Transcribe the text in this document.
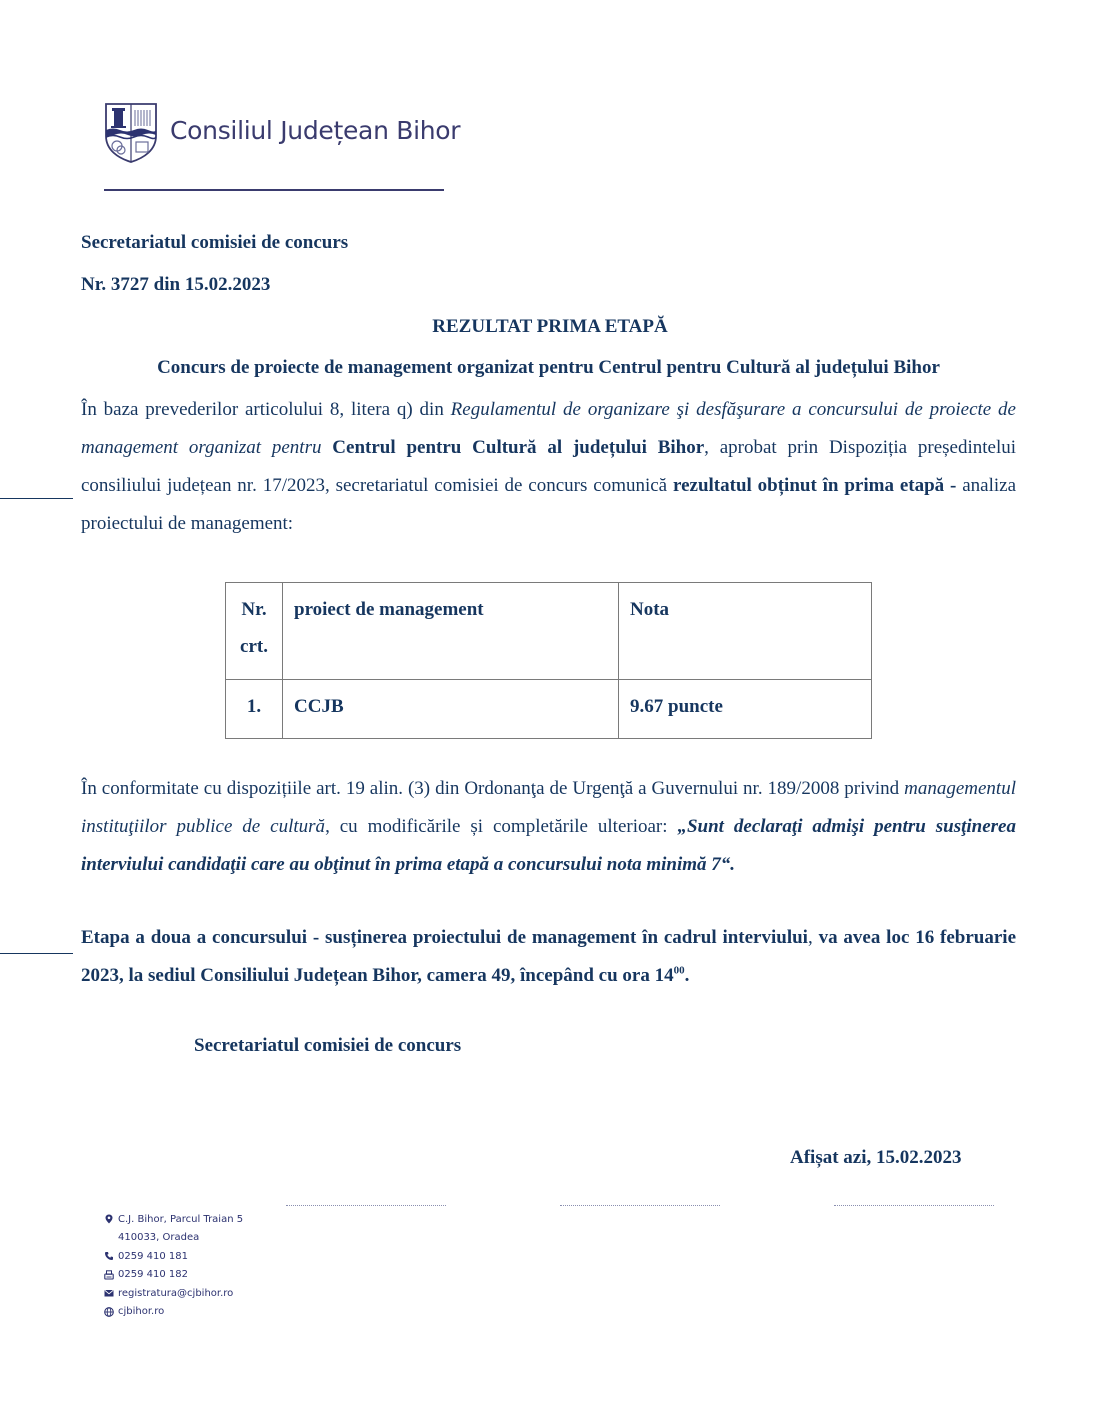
Consiliul Județean Bihor
Secretariatul comisiei de concurs
Nr. 3727 din 15.02.2023
REZULTAT PRIMA ETAPĂ
Concurs de proiecte de management organizat pentru Centrul pentru Cultură al județului Bihor
În baza prevederilor articolului 8, litera q) din Regulamentul de organizare şi desfăşurare a concursului de proiecte de management organizat pentru Centrul pentru Cultură al județului Bihor, aprobat prin Dispoziția președintelui consiliului județean nr. 17/2023, secretariatul comisiei de concurs comunică rezultatul obținut în prima etapă - analiza proiectului de management:
Nr. crt.	proiect de management	Nota
1.	CCJB	9.67 puncte
În conformitate cu dispozițiile art. 19 alin. (3) din Ordonanţa de Urgenţă a Guvernului nr. 189/2008 privind managementul instituţiilor publice de cultură, cu modificările și completările ulterioar: „Sunt declaraţi admişi pentru susţinerea interviului candidaţii care au obţinut în prima etapă a concursului nota minimă 7“.
Etapa a doua a concursului - susținerea proiectului de management în cadrul interviului, va avea loc 16 februarie 2023, la sediul Consiliului Județean Bihor, camera 49, începând cu ora $14^{00}$.
Secretariatul comisiei de concurs
Afișat azi, 15.02.2023
C.J. Bihor, Parcul Traian 5
410033, Oradea
0259 410 181
0259 410 182
registratura@cjbihor.ro
cjbihor.ro
